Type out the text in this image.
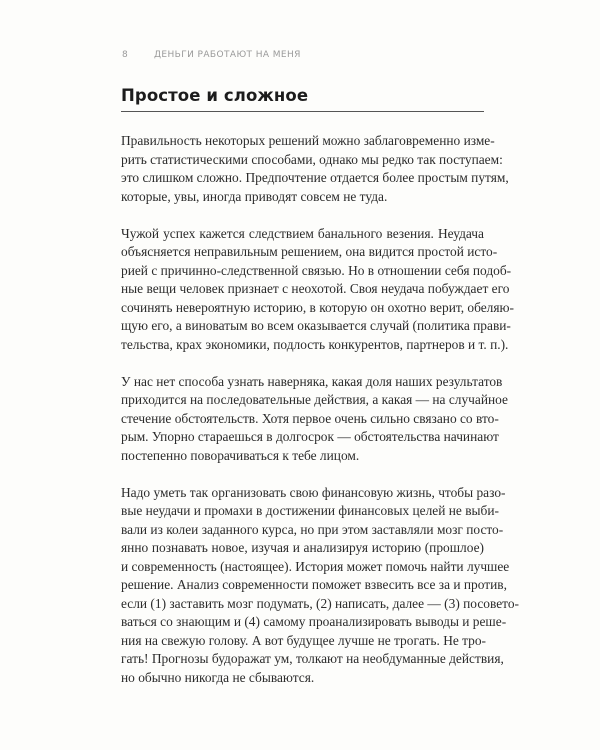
8	ДЕНЬГИ РАБОТАЮТ НА МЕНЯ
Простое и сложное

Правильность некоторых решений можно заблаговременно изме-
рить статистическими способами, однако мы редко так поступаем:
это слишком сложно. Предпочтение отдается более простым путям,
которые, увы, иногда приводят совсем не туда.

Чужой успех кажется следствием банального везения. Неудача
объясняется неправильным решением, она видится простой исто-
рией с причинно-следственной связью. Но в отношении себя подоб-
ные вещи человек признает с неохотой. Своя неудача побуждает его
сочинять невероятную историю, в которую он охотно верит, обеляю-
щую его, а виноватым во всем оказывается случай (политика прави-
тельства, крах экономики, подлость конкурентов, партнеров и т. п.).

У нас нет способа узнать наверняка, какая доля наших результатов
приходится на последовательные действия, а какая — на случайное
стечение обстоятельств. Хотя первое очень сильно связано со вто-
рым. Упорно стараешься в долгосрок — обстоятельства начинают
постепенно поворачиваться к тебе лицом.

Надо уметь так организовать свою финансовую жизнь, чтобы разо-
вые неудачи и промахи в достижении финансовых целей не выби-
вали из колеи заданного курса, но при этом заставляли мозг посто-
янно познавать новое, изучая и анализируя историю (прошлое)
и современность (настоящее). История может помочь найти лучшее
решение. Анализ современности поможет взвесить все за и против,
если (1) заставить мозг подумать, (2) написать, далее — (3) посовето-
ваться со знающим и (4) самому проанализировать выводы и реше-
ния на свежую голову. А вот будущее лучше не трогать. Не тро-
гать! Прогнозы будоражат ум, толкают на необдуманные действия,
но обычно никогда не сбываются.
